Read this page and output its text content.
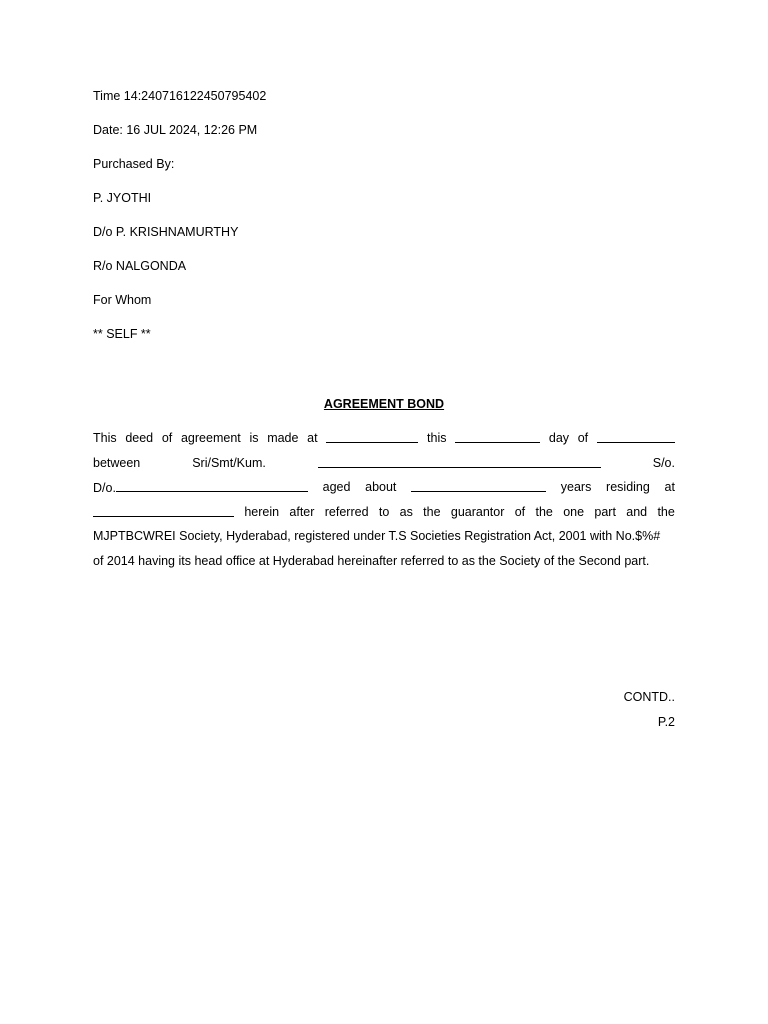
Time 14:240716122450795402
Date: 16 JUL 2024, 12:26 PM
Purchased By:
P. JYOTHI
D/o P. KRISHNAMURTHY
R/o NALGONDA
For Whom
** SELF **
AGREEMENT BOND
This deed of agreement is made at	this	day of
between	Sri/Smt/Kum.	S/o.
D/o.	aged about	years residing at
herein after referred to as the guarantor of the one part and the
MJPTBCWREI Society, Hyderabad, registered under T.S Societies Registration Act, 2001 with No.$%#
of 2014 having its head office at Hyderabad hereinafter referred to as the Society of the Second part.
CONTD..
P.2
